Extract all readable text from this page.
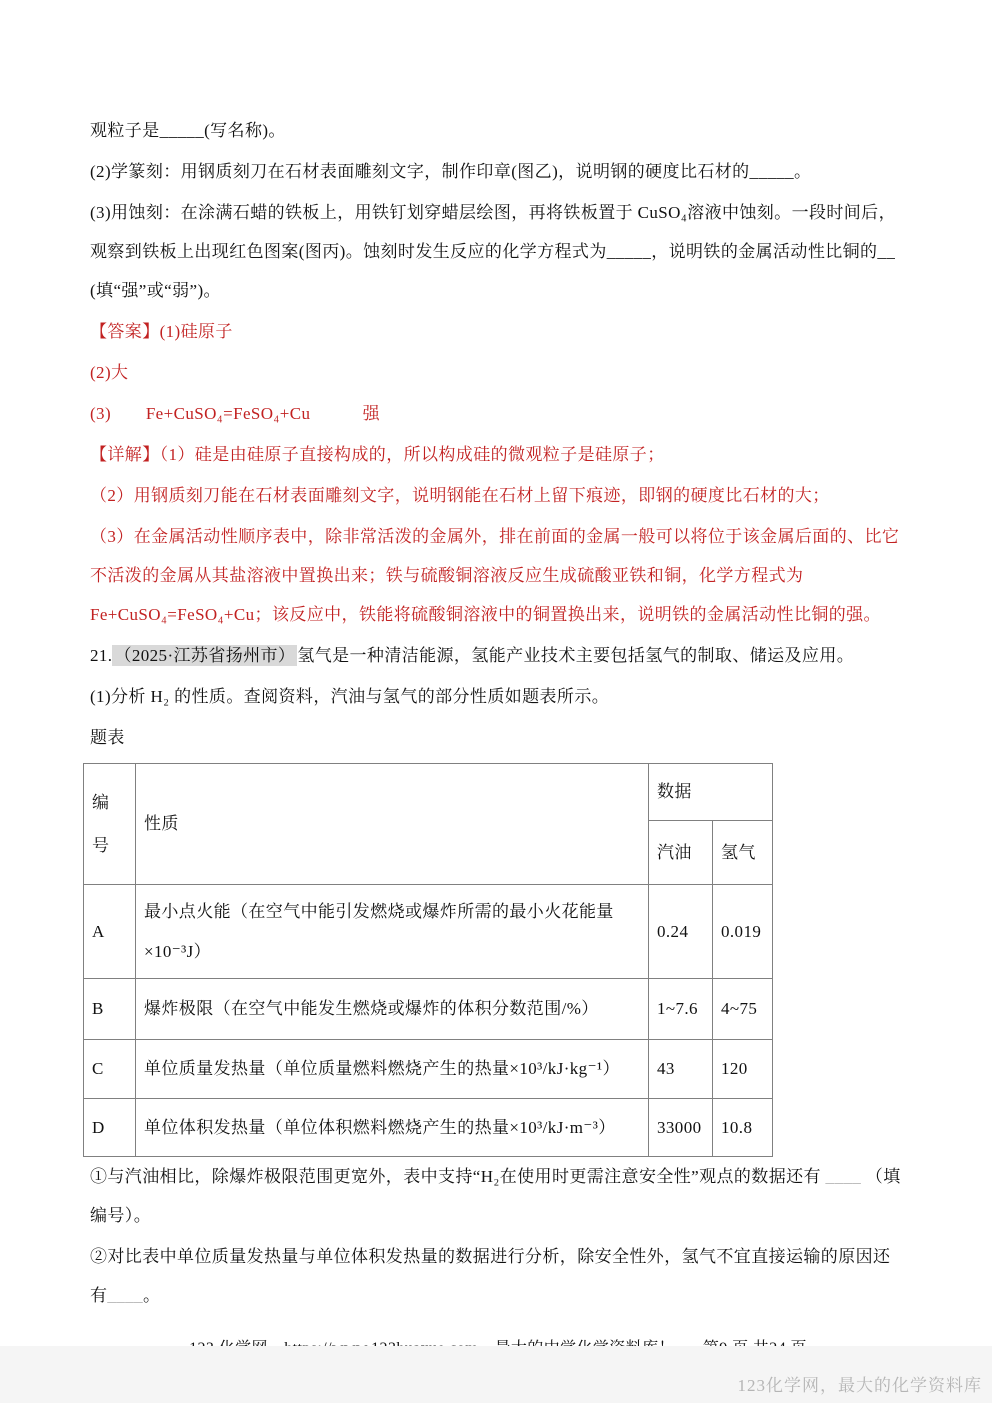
观粒子是_____(写名称)。

(2)学篆刻：用钢质刻刀在石材表面雕刻文字，制作印章(图乙)，说明钢的硬度比石材的_____。

(3)用蚀刻：在涂满石蜡的铁板上，用铁钉划穿蜡层绘图，再将铁板置于 CuSO₄溶液中蚀刻。一段时间后，观察到铁板上出现红色图案(图丙)。蚀刻时发生反应的化学方程式为_____，说明铁的金属活动性比铜的__ (填“强”或“弱”)。

【答案】(1)硅原子

(2)大

(3)　　Fe+CuSO₄=FeSO₄+Cu　　　强

【详解】（1）硅是由硅原子直接构成的，所以构成硅的微观粒子是硅原子；

（2）用钢质刻刀能在石材表面雕刻文字，说明钢能在石材上留下痕迹，即钢的硬度比石材的大；

（3）在金属活动性顺序表中，除非常活泼的金属外，排在前面的金属一般可以将位于该金属后面的、比它不活泼的金属从其盐溶液中置换出来；铁与硫酸铜溶液反应生成硫酸亚铁和铜，化学方程式为Fe+CuSO₄=FeSO₄+Cu；该反应中，铁能将硫酸铜溶液中的铜置换出来，说明铁的金属活动性比铜的强。

21. （2025·江苏省扬州市） 氢气是一种清洁能源，氢能产业技术主要包括氢气的制取、储运及应用。

(1)分析 H₂ 的性质。查阅资料，汽油与氢气的部分性质如题表所示。

题表

编号	性质	数据	
		汽油	氢气
A	最小点火能（在空气中能引发燃烧或爆炸所需的最小火花能量 ×10⁻³J）	0.24	0.019
B	爆炸极限（在空气中能发生燃烧或爆炸的体积分数范围/%）	1~7.6	4~75
C	单位质量发热量（单位质量燃料燃烧产生的热量×10³/kJ·kg⁻¹）	43	120
D	单位体积发热量（单位体积燃料燃烧产生的热量×10³/kJ·m⁻³）	33000	10.8

①与汽油相比，除爆炸极限范围更宽外，表中支持“H₂在使用时更需注意安全性”观点的数据还有 ____ （填编号）。

②对比表中单位质量发热量与单位体积发热量的数据进行分析，除安全性外，氢气不宜直接运输的原因还有____。

123化学网，最大的化学资料库
